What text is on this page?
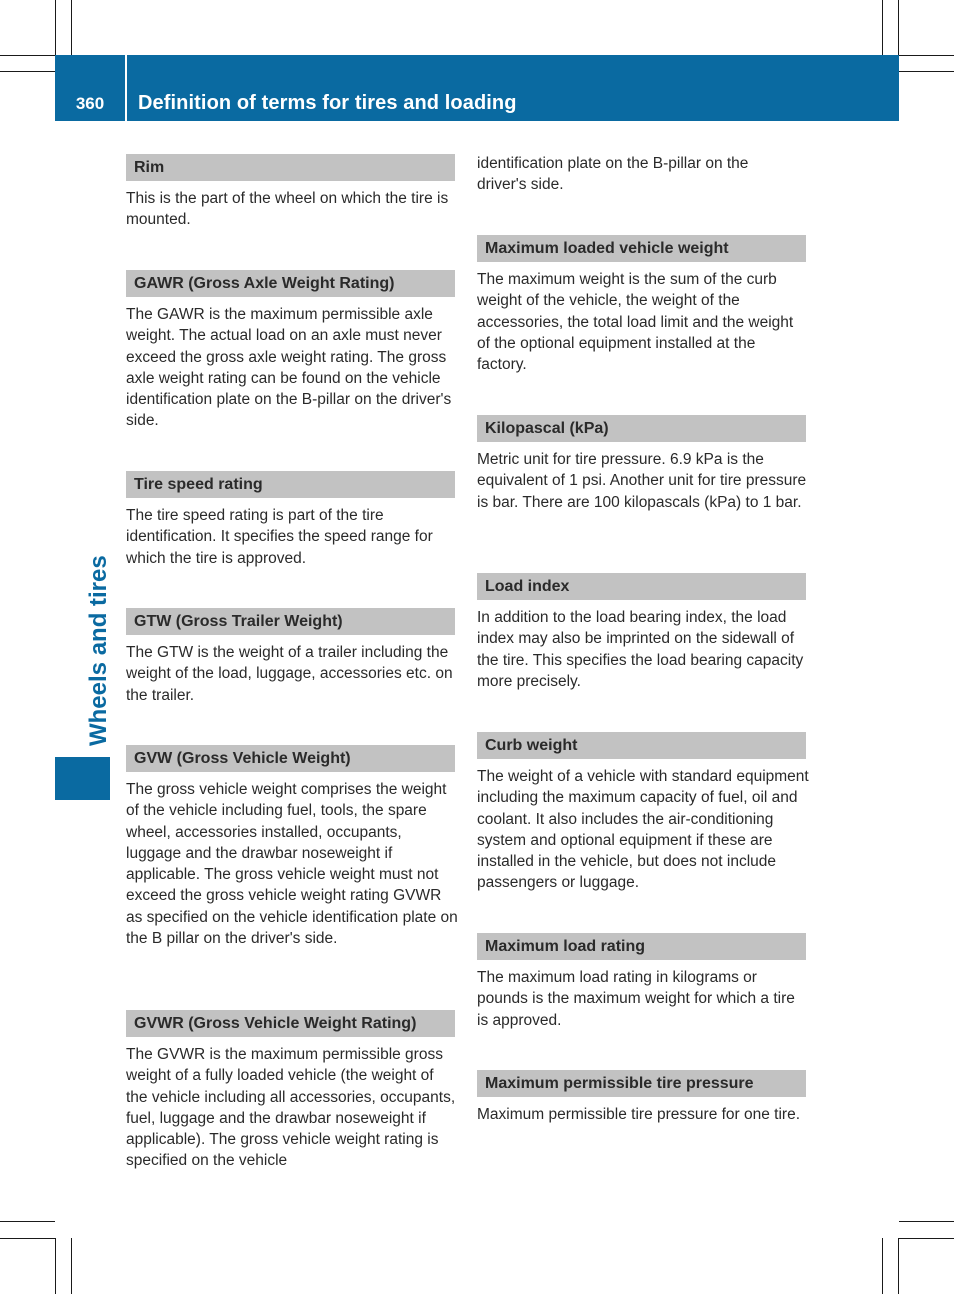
360	Definition of terms for tires and loading
Wheels and tires
Rim
This is the part of the wheel on which the tire is mounted.
GAWR (Gross Axle Weight Rating)
The GAWR is the maximum permissible axle weight. The actual load on an axle must never exceed the gross axle weight rating. The gross axle weight rating can be found on the vehicle identification plate on the B-pillar on the driver's side.
Tire speed rating
The tire speed rating is part of the tire identification. It specifies the speed range for which the tire is approved.
GTW (Gross Trailer Weight)
The GTW is the weight of a trailer including the weight of the load, luggage, accessories etc. on the trailer.
GVW (Gross Vehicle Weight)
The gross vehicle weight comprises the weight of the vehicle including fuel, tools, the spare wheel, accessories installed, occupants, luggage and the drawbar noseweight if applicable. The gross vehicle weight must not exceed the gross vehicle weight rating GVWR as specified on the vehicle identification plate on the B pillar on the driver's side.
GVWR (Gross Vehicle Weight Rating)
The GVWR is the maximum permissible gross weight of a fully loaded vehicle (the weight of the vehicle including all accessories, occupants, fuel, luggage and the drawbar noseweight if applicable). The gross vehicle weight rating is specified on the vehicle
identification plate on the B-pillar on the driver's side.
Maximum loaded vehicle weight
The maximum weight is the sum of the curb weight of the vehicle, the weight of the accessories, the total load limit and the weight of the optional equipment installed at the factory.
Kilopascal (kPa)
Metric unit for tire pressure. 6.9 kPa is the equivalent of 1 psi. Another unit for tire pressure is bar. There are 100 kilopascals (kPa) to 1 bar.
Load index
In addition to the load bearing index, the load index may also be imprinted on the sidewall of the tire. This specifies the load bearing capacity more precisely.
Curb weight
The weight of a vehicle with standard equipment including the maximum capacity of fuel, oil and coolant. It also includes the air-conditioning system and optional equipment if these are installed in the vehicle, but does not include passengers or luggage.
Maximum load rating
The maximum load rating in kilograms or pounds is the maximum weight for which a tire is approved.
Maximum permissible tire pressure
Maximum permissible tire pressure for one tire.
